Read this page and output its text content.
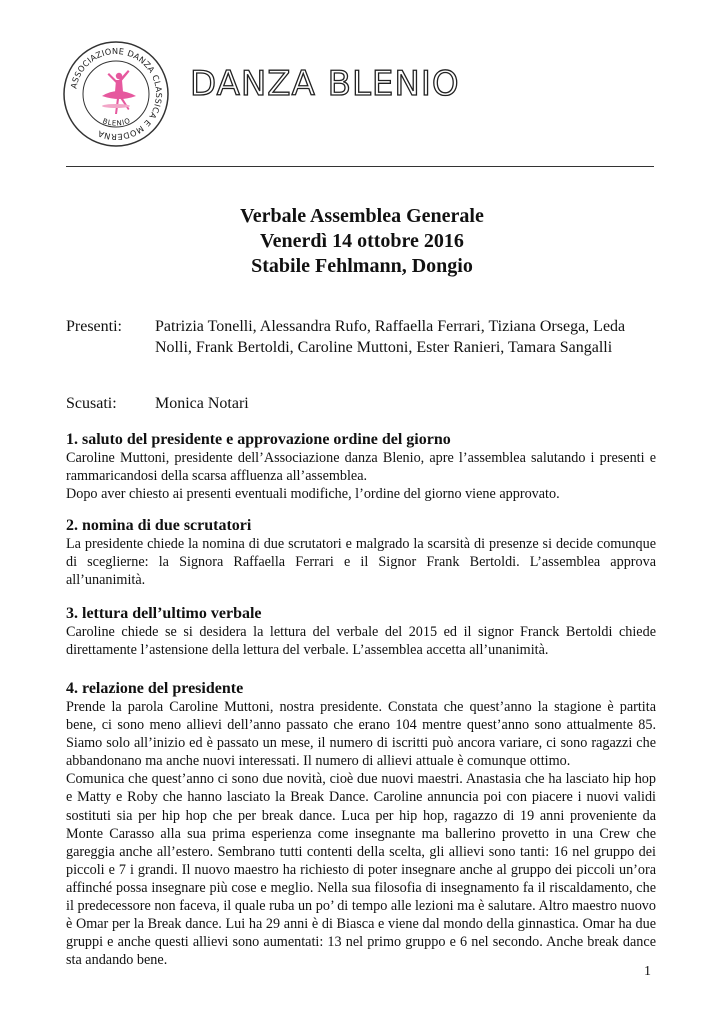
ASSOCIAZIONE DANZA CLASSICA E MODERNA
BLENIO
DANZA BLENIO
Verbale Assemblea Generale
Venerdì 14 ottobre 2016
Stabile Fehlmann, Dongio
Presenti:	Patrizia Tonelli, Alessandra Rufo, Raffaella Ferrari, Tiziana Orsega, Leda Nolli, Frank Bertoldi, Caroline Muttoni, Ester Ranieri, Tamara Sangalli
Scusati:	Monica Notari
1. saluto del presidente e approvazione ordine del giorno

Caroline Muttoni, presidente dell’Associazione danza Blenio, apre l’assemblea salutando i presenti e rammaricandosi della scarsa affluenza all’assemblea.

Dopo aver chiesto ai presenti eventuali modifiche, l’ordine del giorno viene approvato.

2. nomina di due scrutatori

La presidente chiede la nomina di due scrutatori e malgrado la scarsità di presenze si decide comunque di sceglierne: la Signora Raffaella Ferrari e il Signor Frank Bertoldi. L’assemblea approva all’unanimità.

3. lettura dell’ultimo verbale

Caroline chiede se si desidera la lettura del verbale del 2015 ed il signor Franck Bertoldi chiede direttamente l’astensione della lettura del verbale. L’assemblea accetta all’unanimità.

4. relazione del presidente

Prende la parola Caroline Muttoni, nostra presidente. Constata che quest’anno la stagione è partita bene, ci sono meno allievi dell’anno passato che erano 104 mentre quest’anno sono attualmente 85. Siamo solo all’inizio ed è passato un mese, il numero di iscritti può ancora variare, ci sono ragazzi che abbandonano ma anche nuovi interessati. Il numero di allievi attuale è comunque ottimo.

Comunica che quest’anno ci sono due novità, cioè due nuovi maestri. Anastasia che ha lasciato hip hop e Matty e Roby che hanno lasciato la Break Dance. Caroline annuncia poi con piacere i nuovi validi sostituti sia per hip hop che per break dance. Luca per hip hop, ragazzo di 19 anni proveniente da Monte Carasso alla sua prima esperienza come insegnante ma ballerino provetto in una Crew che gareggia anche all’estero. Sembrano tutti contenti della scelta, gli allievi sono tanti: 16 nel gruppo dei piccoli e 7 i grandi. Il nuovo maestro ha richiesto di poter insegnare anche al gruppo dei piccoli un’ora affinché possa insegnare più cose e meglio. Nella sua filosofia di insegnamento fa il riscaldamento, che il predecessore non faceva, il quale ruba un po’ di tempo alle lezioni ma è salutare. Altro maestro nuovo è Omar per la Break dance. Lui ha 29 anni è di Biasca e viene dal mondo della ginnastica. Omar ha due gruppi e anche questi allievi sono aumentati: 13 nel primo gruppo e 6 nel secondo. Anche break dance sta andando bene.

1
